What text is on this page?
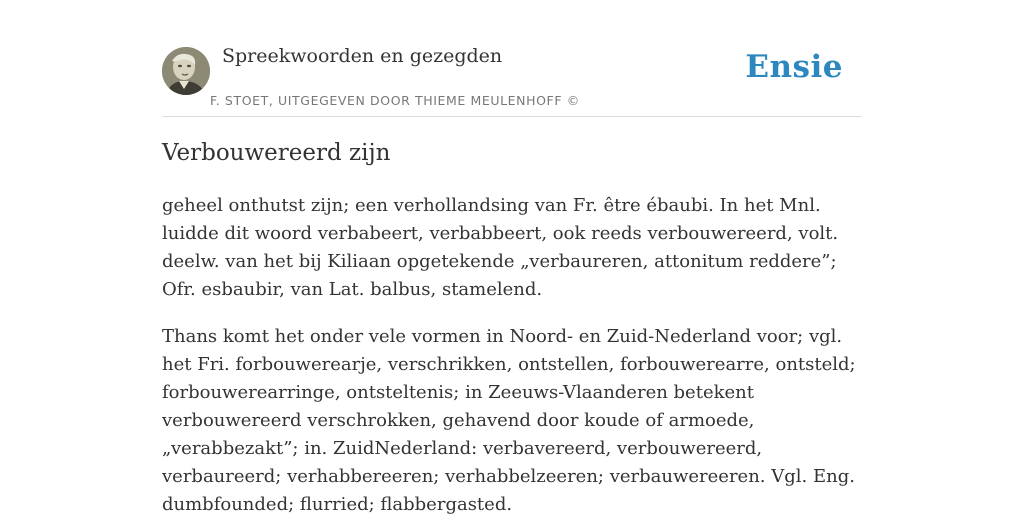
Spreekwoorden en gezegden
F. STOET, UITGEGEVEN DOOR THIEME MEULENHOFF ©
Ensie
Verbouwereerd zijn

geheel onthutst zijn; een verhollandsing van Fr. être ébaubi. In het Mnl. luidde dit woord verbabeert, verbabbeert, ook reeds verbouwereerd, volt. deelw. van het bij Kiliaan opgetekende „verbaureren, attonitum reddere”; Ofr. esbaubir, van Lat. balbus, stamelend.

Thans komt het onder vele vormen in Noord- en Zuid-Nederland voor; vgl. het Fri. forbouwerearje, verschrikken, ontstellen, forbouwerearre, ontsteld; forbouwerearringe, ontsteltenis; in Zeeuws-Vlaanderen betekent verbouwereerd verschrokken, gehavend door koude of armoede, „verabbezakt”; in. ZuidNederland: verbavereerd, verbouwereerd, verbaureerd; verhabbereeren; verhabbelzeeren; verbauwereeren. Vgl. Eng. dumbfounded; flurried; flabbergasted.
